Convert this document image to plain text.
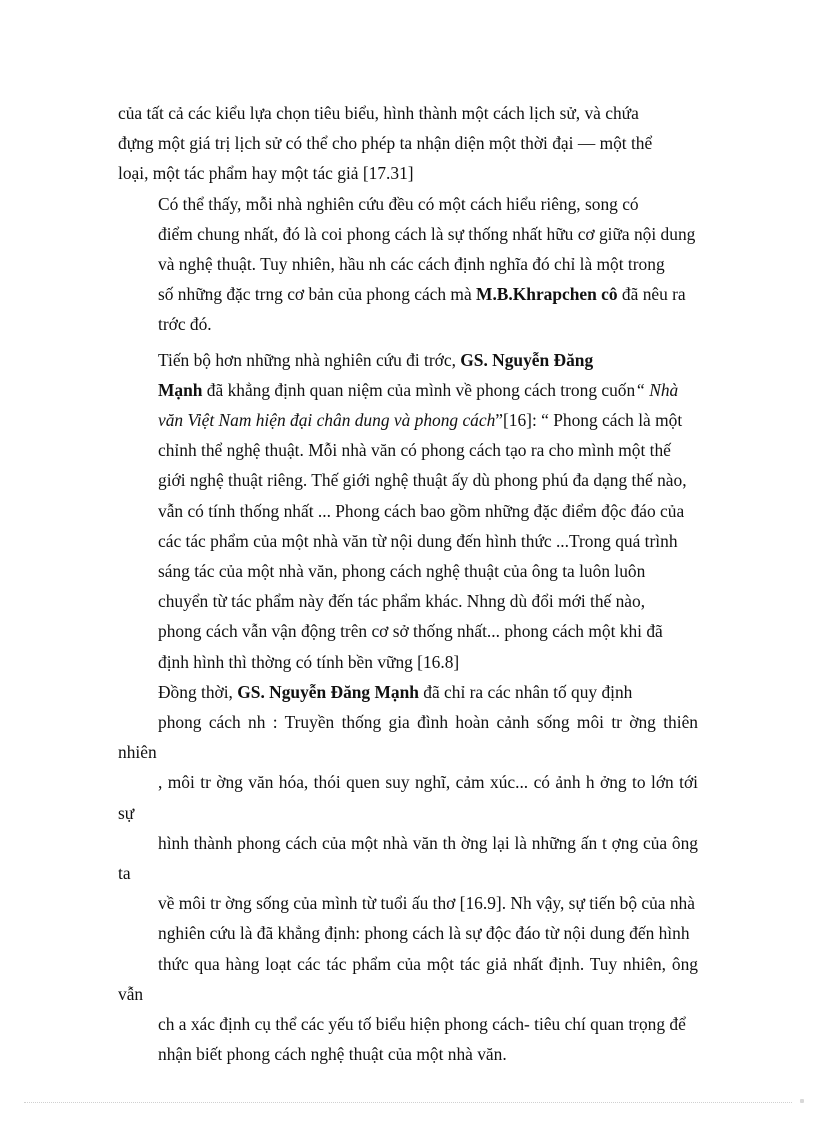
của tất cả các kiểu lựa chọn tiêu biểu, hình thành một cách lịch sử, và chứa
đựng một giá trị lịch sử có thể cho phép ta nhận diện một thời đại — một thể
loại, một tác phẩm hay một tác giả [17.31]

Có thể thấy, mỗi nhà nghiên cứu đều có một cách hiểu riêng, song có
điểm chung nhất, đó là coi phong cách là sự thống nhất hữu cơ giữa nội dung
và nghệ thuật. Tuy nhiên, hầu nh các cách định nghĩa đó chỉ là một trong
số những đặc trng cơ bản của phong cách mà M.B.Khrapchen cô đã nêu ra
trớc đó.

Tiến bộ hơn những nhà nghiên cứu đi trớc, GS. Nguyễn Đăng
Mạnh đã khẳng định quan niệm của mình về phong cách trong cuốn“ Nhà
văn Việt Nam hiện đại chân dung và phong cách”[16]: “ Phong cách là một
chỉnh thể nghệ thuật. Mỗi nhà văn có phong cách tạo ra cho mình một thế
giới nghệ thuật riêng. Thế giới nghệ thuật ấy dù phong phú đa dạng thế nào,
vẫn có tính thống nhất ... Phong cách bao gồm những đặc điểm độc đáo của
các tác phẩm của một nhà văn từ nội dung đến hình thức ...Trong quá trình
sáng tác của một nhà văn, phong cách nghệ thuật của ông ta luôn luôn
chuyển từ tác phẩm này đến tác phẩm khác. Nhng dù đổi mới thế nào,
phong cách vẫn vận động trên cơ sở thống nhất... phong cách một khi đã
định hình thì thờng có tính bền vững [16.8]

Đồng thời, GS. Nguyễn Đăng Mạnh đã chỉ ra các nhân tố quy định
phong cách nh : Truyền thống gia đình hoàn cảnh sống môi tr ờng thiên nhiên
, môi tr ờng văn hóa, thói quen suy nghĩ, cảm xúc... có ảnh h ởng to lớn tới sự
hình thành phong cách của một nhà văn th ờng lại là những ấn t ợng của ông ta
về môi tr ờng sống của mình từ tuổi ấu thơ [16.9]. Nh vậy, sự tiến bộ của nhà
nghiên cứu là đã khẳng định: phong cách là sự độc đáo từ nội dung đến hình
thức qua hàng loạt các tác phẩm của một tác giả nhất định. Tuy nhiên, ông vẫn
ch a xác định cụ thể các yếu tố biểu hiện phong cách- tiêu chí quan trọng để
nhận biết phong cách nghệ thuật của một nhà văn.
